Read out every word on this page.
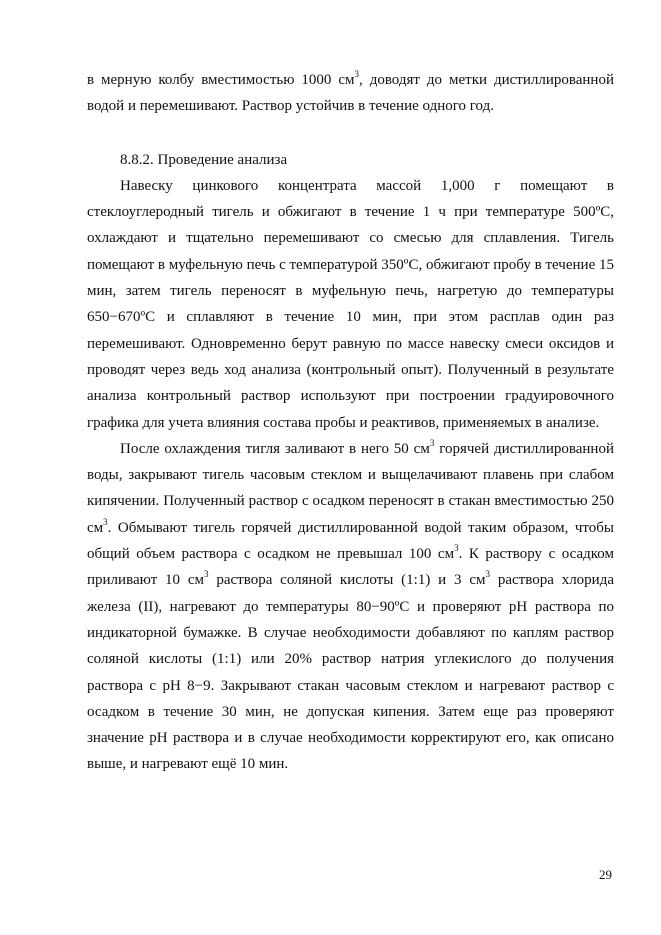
в мерную колбу вместимостью 1000 $см^3$, доводят до метки дистиллированной водой и перемешивают. Раствор устойчив в течение одного год.

8.8.2. Проведение анализа

Навеску цинкового концентрата массой 1,000 г помещают в стеклоуглеродный тигель и обжигают в течение 1 ч при температуре 500ºС, охлаждают и тщательно перемешивают со смесью для сплавления. Тигель помещают в муфельную печь с температурой 350ºС, обжигают пробу в течение 15 мин, затем тигель переносят в муфельную печь, нагретую до температуры 650−670ºС и сплавляют в течение 10 мин, при этом расплав один раз перемешивают. Одновременно берут равную по массе навеску смеси оксидов и проводят через ведь ход анализа (контрольный опыт). Полученный в результате анализа контрольный раствор используют при построении градуировочного графика для учета влияния состава пробы и реактивов, применяемых в анализе.

После охлаждения тигля заливают в него 50 $см^3$ горячей дистиллированной воды, закрывают тигель часовым стеклом и выщелачивают плавень при слабом кипячении. Полученный раствор с осадком переносят в стакан вместимостью 250 $см^3$. Обмывают тигель горячей дистиллированной водой таким образом, чтобы общий объем раствора с осадком не превышал 100 $см^3$. К раствору с осадком приливают 10 $см^3$ раствора соляной кислоты (1:1) и 3 $см^3$ раствора хлорида железа (II), нагревают до температуры 80−90ºС и проверяют рН раствора по индикаторной бумажке. В случае необходимости добавляют по каплям раствор соляной кислоты (1:1) или 20% раствор натрия углекислого до получения раствора с рН 8−9. Закрывают стакан часовым стеклом и нагревают раствор с осадком в течение 30 мин, не допуская кипения. Затем еще раз проверяют значение рН раствора и в случае необходимости корректируют его, как описано выше, и нагревают ещё 10 мин.

29
